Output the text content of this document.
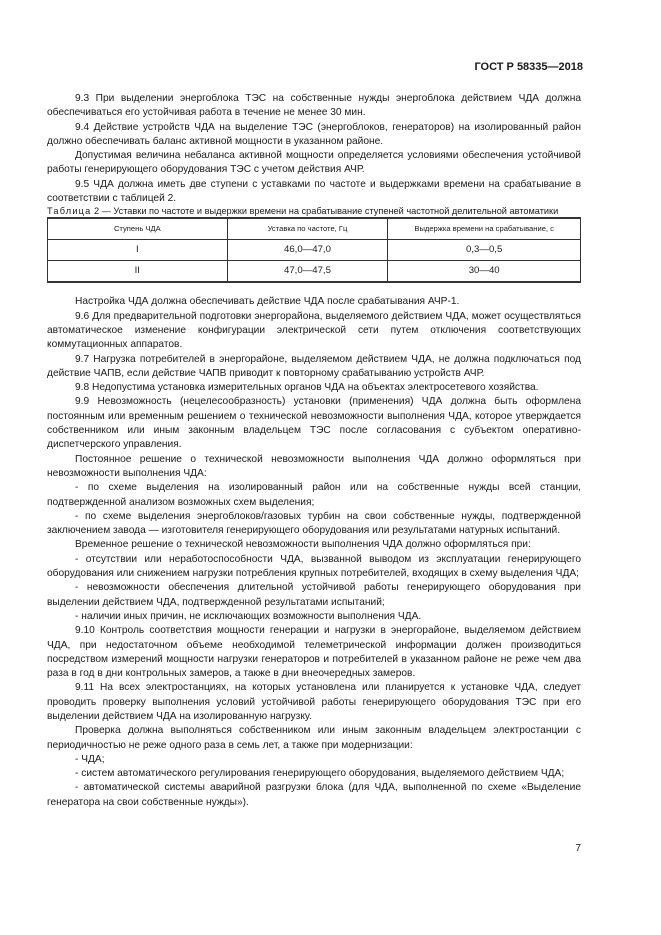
ГОСТ Р 58335—2018

9.3 При выделении энергоблока ТЭС на собственные нужды энергоблока действием ЧДА должна обеспечиваться его устойчивая работа в течение не менее 30 мин.

9.4 Действие устройств ЧДА на выделение ТЭС (энергоблоков, генераторов) на изолированный район должно обеспечивать баланс активной мощности в указанном районе.

Допустимая величина небаланса активной мощности определяется условиями обеспечения устойчивой работы генерирующего оборудования ТЭС с учетом действия АЧР.

9.5 ЧДА должна иметь две ступени с уставками по частоте и выдержками времени на срабатывание в соответствии с таблицей 2.

Таблица 2 — Уставки по частоте и выдержки времени на срабатывание ступеней частотной делительной автоматики

Ступень ЧДА	Уставка по частоте, Гц	Выдержка времени на срабатывание, с
I	46,0—47,0	0,3—0,5
II	47,0—47,5	30—40

Настройка ЧДА должна обеспечивать действие ЧДА после срабатывания АЧР-1.

9.6 Для предварительной подготовки энергорайона, выделяемого действием ЧДА, может осуществляться автоматическое изменение конфигурации электрической сети путем отключения соответствующих коммутационных аппаратов.

9.7 Нагрузка потребителей в энергорайоне, выделяемом действием ЧДА, не должна подключаться под действие ЧАПВ, если действие ЧАПВ приводит к повторному срабатыванию устройств АЧР.

9.8 Недопустима установка измерительных органов ЧДА на объектах электросетевого хозяйства.

9.9 Невозможность (нецелесообразность) установки (применения) ЧДА должна быть оформлена постоянным или временным решением о технической невозможности выполнения ЧДА, которое утверждается собственником или иным законным владельцем ТЭС после согласования с субъектом оперативно-диспетчерского управления.

Постоянное решение о технической невозможности выполнения ЧДА должно оформляться при невозможности выполнения ЧДА:

- по схеме выделения на изолированный район или на собственные нужды всей станции, подтвержденной анализом возможных схем выделения;

- по схеме выделения энергоблоков/газовых турбин на свои собственные нужды, подтвержденной заключением завода — изготовителя генерирующего оборудования или результатами натурных испытаний.

Временное решение о технической невозможности выполнения ЧДА должно оформляться при:

- отсутствии или неработоспособности ЧДА, вызванной выводом из эксплуатации генерирующего оборудования или снижением нагрузки потребления крупных потребителей, входящих в схему выделения ЧДА;

- невозможности обеспечения длительной устойчивой работы генерирующего оборудования при выделении действием ЧДА, подтвержденной результатами испытаний;

- наличии иных причин, не исключающих возможности выполнения ЧДА.

9.10 Контроль соответствия мощности генерации и нагрузки в энергорайоне, выделяемом действием ЧДА, при недостаточном объеме необходимой телеметрической информации должен производиться посредством измерений мощности нагрузки генераторов и потребителей в указанном районе не реже чем два раза в год в дни контрольных замеров, а также в дни внеочередных замеров.

9.11 На всех электростанциях, на которых установлена или планируется к установке ЧДА, следует проводить проверку выполнения условий устойчивой работы генерирующего оборудования ТЭС при его выделении действием ЧДА на изолированную нагрузку.

Проверка должна выполняться собственником или иным законным владельцем электростанции с периодичностью не реже одного раза в семь лет, а также при модернизации:

- ЧДА;

- систем автоматического регулирования генерирующего оборудования, выделяемого действием ЧДА;

- автоматической системы аварийной разгрузки блока (для ЧДА, выполненной по схеме «Выделение генератора на свои собственные нужды»).

7
